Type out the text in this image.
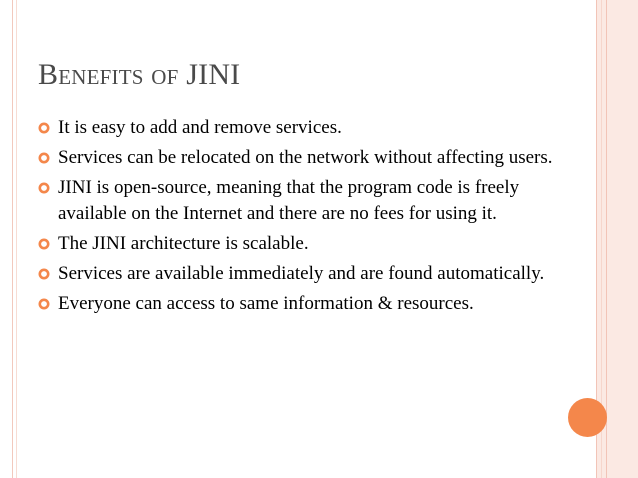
Benefits of JINI
It is easy to add and remove services.
Services can be relocated on the network without affecting users.
JINI is open-source, meaning that the program code is freely available on the Internet and there are no fees for using it.
The JINI architecture is scalable.
Services are available immediately and are found automatically.
Everyone can access to same information & resources.
